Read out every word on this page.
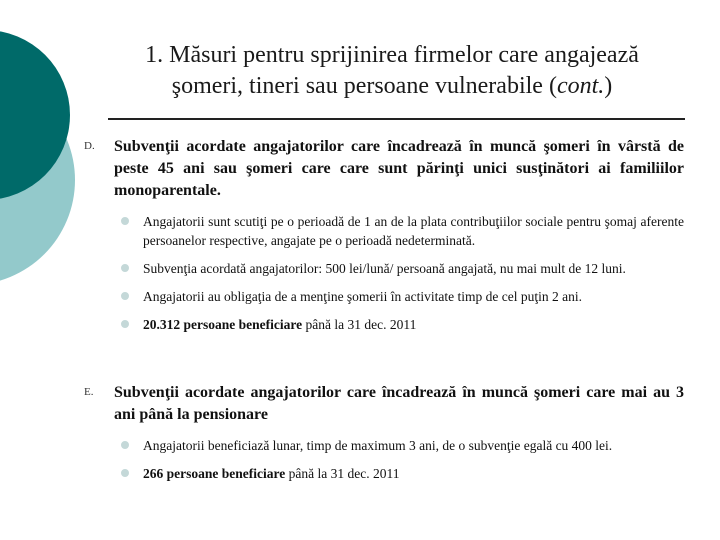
1. Măsuri pentru sprijinirea firmelor care angajează
şomeri, tineri sau persoane vulnerabile (cont.)
D. Subvenţii acordate angajatorilor care încadrează în muncă şomeri în vârstă de peste 45 ani sau şomeri care care sunt părinţi unici susţinători ai familiilor monoparentale.
Angajatorii sunt scutiţi pe o perioadă de 1 an de la plata contribuţiilor sociale pentru şomaj aferente persoanelor respective, angajate pe o perioadă nedeterminată.
Subvenţia acordată angajatorilor: 500 lei/lună/ persoană angajată, nu mai mult de 12 luni.
Angajatorii au obligaţia de a menţine şomerii în activitate timp de cel puţin 2 ani.
20.312 persoane beneficiare până la 31 dec. 2011
E. Subvenţii acordate angajatorilor care încadrează în muncă şomeri care mai au 3 ani până la pensionare
Angajatorii beneficiază lunar, timp de maximum 3 ani, de o subvenţie egală cu 400 lei.
266 persoane beneficiare până la 31 dec. 2011
